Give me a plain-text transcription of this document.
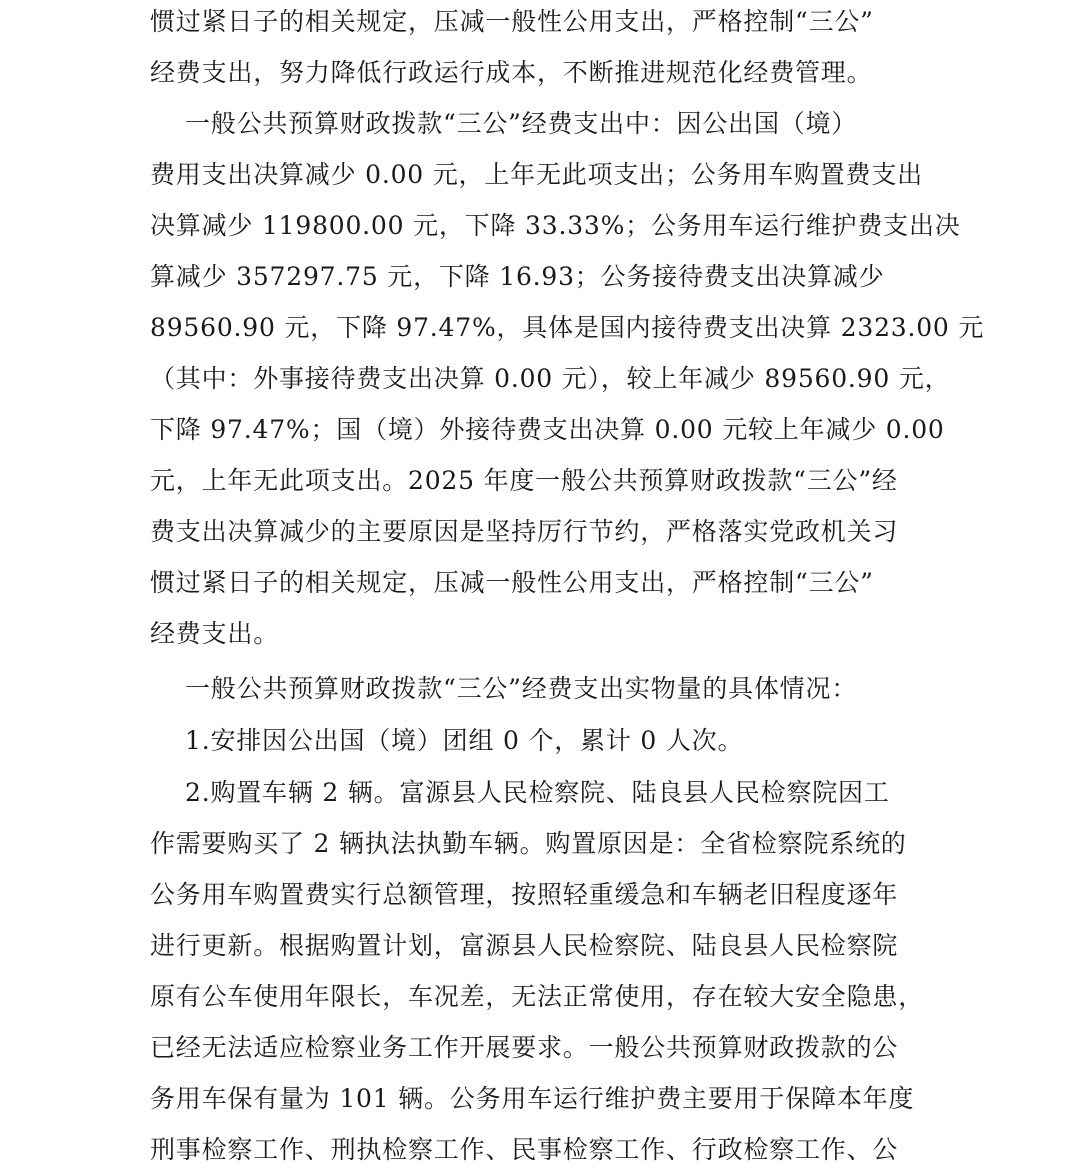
惯过紧日子的相关规定，压减一般性公用支出，严格控制“三公”
经费支出，努力降低行政运行成本，不断推进规范化经费管理。
一般公共预算财政拨款“三公”经费支出中：因公出国（境）
费用支出决算减少 0.00 元，上年无此项支出；公务用车购置费支出
决算减少 119800.00 元，下降 33.33%；公务用车运行维护费支出决
算减少 357297.75 元，下降 16.93；公务接待费支出决算减少
89560.90 元，下降 97.47%，具体是国内接待费支出决算 2323.00 元
（其中：外事接待费支出决算 0.00 元），较上年减少 89560.90 元，
下降 97.47%；国（境）外接待费支出决算 0.00 元较上年减少 0.00
元，上年无此项支出。2025 年度一般公共预算财政拨款“三公”经
费支出决算减少的主要原因是坚持厉行节约，严格落实党政机关习
惯过紧日子的相关规定，压减一般性公用支出，严格控制“三公”
经费支出。
一般公共预算财政拨款“三公”经费支出实物量的具体情况：
1.安排因公出国（境）团组 0 个，累计 0 人次。
2.购置车辆 2 辆。富源县人民检察院、陆良县人民检察院因工
作需要购买了 2 辆执法执勤车辆。购置原因是：全省检察院系统的
公务用车购置费实行总额管理，按照轻重缓急和车辆老旧程度逐年
进行更新。根据购置计划，富源县人民检察院、陆良县人民检察院
原有公车使用年限长，车况差，无法正常使用，存在较大安全隐患，
已经无法适应检察业务工作开展要求。一般公共预算财政拨款的公
务用车保有量为 101 辆。公务用车运行维护费主要用于保障本年度
刑事检察工作、刑执检察工作、民事检察工作、行政检察工作、公
